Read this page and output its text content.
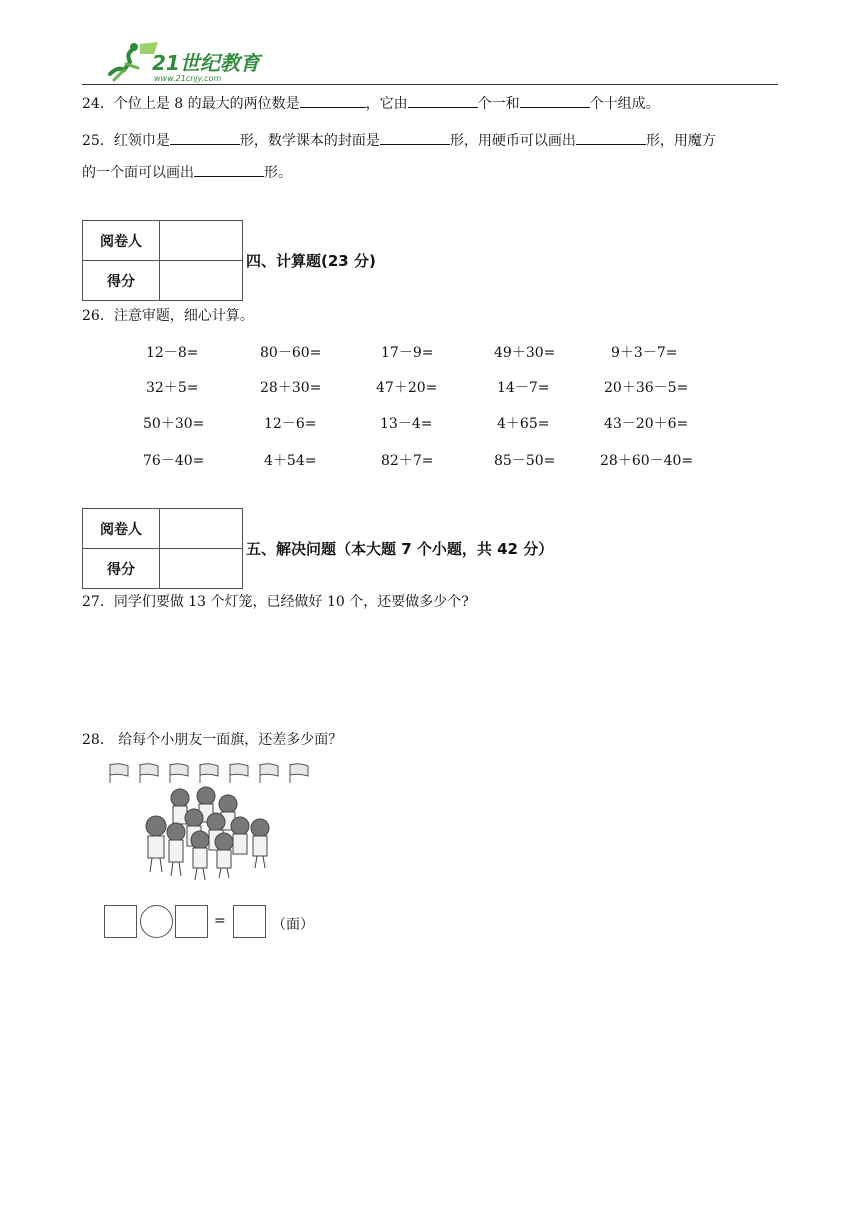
21世纪教育
www.21cnjy.com
24．个位上是 8 的最大的两位数是	，它由	个一和	个十组成。
25．红领巾是	形，数学课本的封面是	形，用硬币可以画出	形，用魔方
的一个面可以画出	形。
阅卷人	
得分	
四、计算题(23 分)
26．注意审题，细心计算。
12－8=	80－60=	17－9=	49＋30=	9＋3－7=
32＋5=	28＋30=	47＋20=	14－7=	20＋36－5=
50＋30=	12－6=	13－4=	4＋65=	43－20＋6=
76－40=	4＋54=	82＋7=	85－50=	28＋60－40=
阅卷人	
得分	
五、解决问题（本大题 7 个小题，共 42 分）
27．同学们要做 13 个灯笼，已经做好 10 个，还要做多少个?
28． 给每个小朋友一面旗，还差多少面？
=	（面）
